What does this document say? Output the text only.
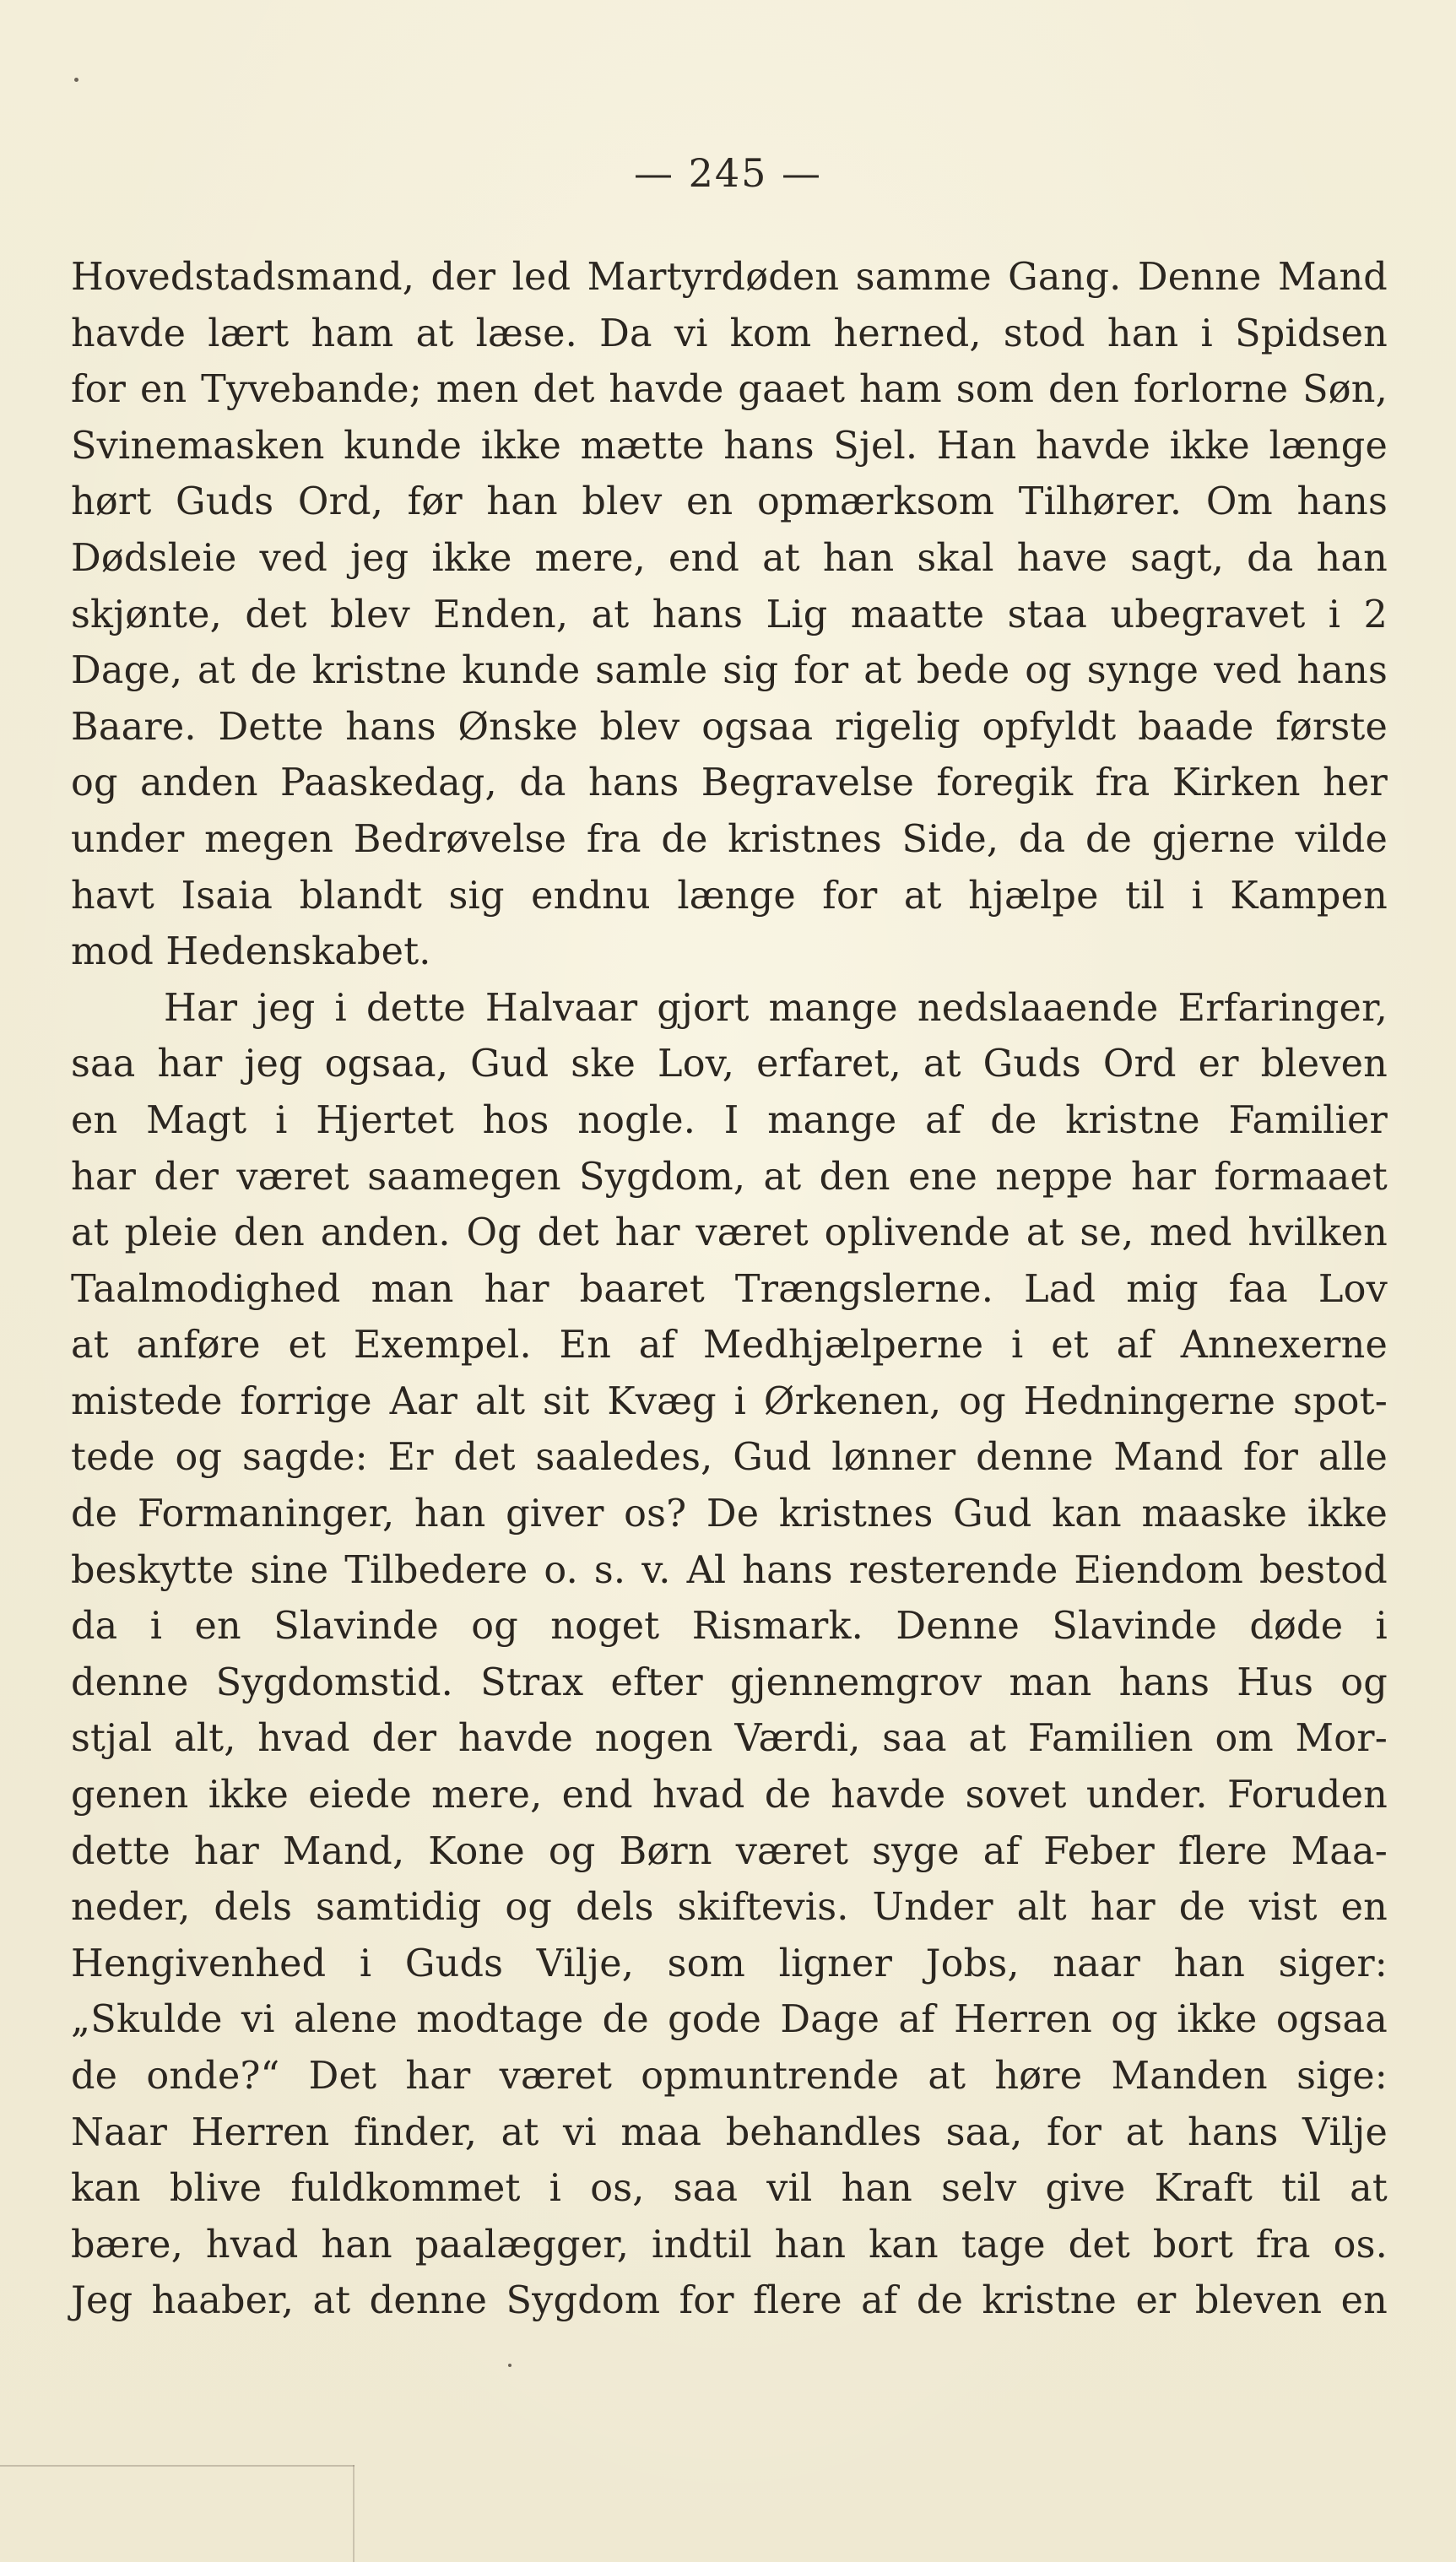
— 245 —
Hovedstadsmand, der led Martyrdøden samme Gang. Denne Mand
havde lært ham at læse. Da vi kom herned, stod han i Spidsen
for en Tyvebande; men det havde gaaet ham som den forlorne Søn,
Svinemasken kunde ikke mætte hans Sjel. Han havde ikke længe
hørt Guds Ord, før han blev en opmærksom Tilhører. Om hans
Dødsleie ved jeg ikke mere, end at han skal have sagt, da han
skjønte, det blev Enden, at hans Lig maatte staa ubegravet i 2
Dage, at de kristne kunde samle sig for at bede og synge ved hans
Baare. Dette hans Ønske blev ogsaa rigelig opfyldt baade første
og anden Paaskedag, da hans Begravelse foregik fra Kirken her
under megen Bedrøvelse fra de kristnes Side, da de gjerne vilde
havt Isaia blandt sig endnu længe for at hjælpe til i Kampen
mod Hedenskabet.
Har jeg i dette Halvaar gjort mange nedslaaende Erfaringer,
saa har jeg ogsaa, Gud ske Lov, erfaret, at Guds Ord er bleven
en Magt i Hjertet hos nogle. I mange af de kristne Familier
har der været saamegen Sygdom, at den ene neppe har formaaet
at pleie den anden. Og det har været oplivende at se, med hvilken
Taalmodighed man har baaret Trængslerne. Lad mig faa Lov
at anføre et Exempel. En af Medhjælperne i et af Annexerne
mistede forrige Aar alt sit Kvæg i Ørkenen, og Hedningerne spot-
tede og sagde: Er det saaledes, Gud lønner denne Mand for alle
de Formaninger, han giver os? De kristnes Gud kan maaske ikke
beskytte sine Tilbedere o. s. v. Al hans resterende Eiendom bestod
da i en Slavinde og noget Rismark. Denne Slavinde døde i
denne Sygdomstid. Strax efter gjennemgrov man hans Hus og
stjal alt, hvad der havde nogen Værdi, saa at Familien om Mor-
genen ikke eiede mere, end hvad de havde sovet under. Foruden
dette har Mand, Kone og Børn været syge af Feber flere Maa-
neder, dels samtidig og dels skiftevis. Under alt har de vist en
Hengivenhed i Guds Vilje, som ligner Jobs, naar han siger:
„Skulde vi alene modtage de gode Dage af Herren og ikke ogsaa
de onde?“ Det har været opmuntrende at høre Manden sige:
Naar Herren finder, at vi maa behandles saa, for at hans Vilje
kan blive fuldkommet i os, saa vil han selv give Kraft til at
bære, hvad han paalægger, indtil han kan tage det bort fra os.
Jeg haaber, at denne Sygdom for flere af de kristne er bleven en
